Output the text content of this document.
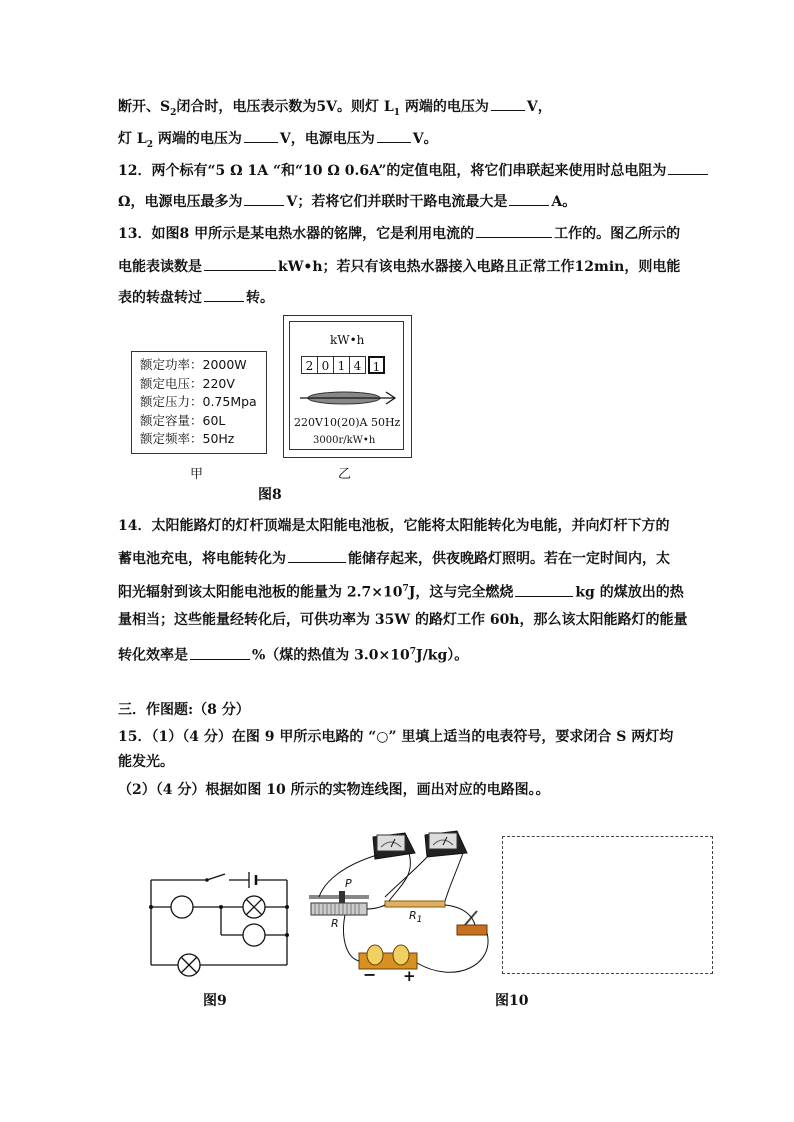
断开、$S_2$闭合时，电压表示数为5V。则灯 $L_1$ 两端的电压为	V，
灯 $L_2$ 两端的电压为	V，电源电压为	V。
12．两个标有“5 Ω 1A “和“10 Ω 0.6A”的定值电阻，将它们串联起来使用时总电阻为
Ω，电源电压最多为	V；若将它们并联时干路电流最大是	A。
13．如图8 甲所示是某电热水器的铭牌，它是利用电流的	工作的。图乙所示的
电能表读数是	kW•h；若只有该电热水器接入电路且正常工作12min，则电能
表的转盘转过	转。
额定功率：2000W
额定电压：220V
额定压力：0.75Mpa
额定容量：60L
额定频率：50Hz
甲
kW•h
2 0 1 4 1
220V10(20)A 50Hz
3000r/kW•h
乙
图8
14．太阳能路灯的灯杆顶端是太阳能电池板，它能将太阳能转化为电能，并向灯杆下方的
蓄电池充电，将电能转化为	能储存起来，供夜晚路灯照明。若在一定时间内，太
阳光辐射到该太阳能电池板的能量为 $2.7\times 10^7J$，这与完全燃烧	kg 的煤放出的热
量相当；这些能量经转化后，可供功率为 35W 的路灯工作 60h，那么该太阳能路灯的能量
转化效率是	%（煤的热值为 $3.0\times 10^7J/kg$）。
三．作图题:（8 分）
15．（1）（4 分）在图 9 甲所示电路的 “○” 里填上适当的电表符号，要求闭合 S 两灯均
能发光。
（2）（4 分）根据如图 10 所示的实物连线图，画出对应的电路图。。
图9
P
R
$R_1$
− +
图10
